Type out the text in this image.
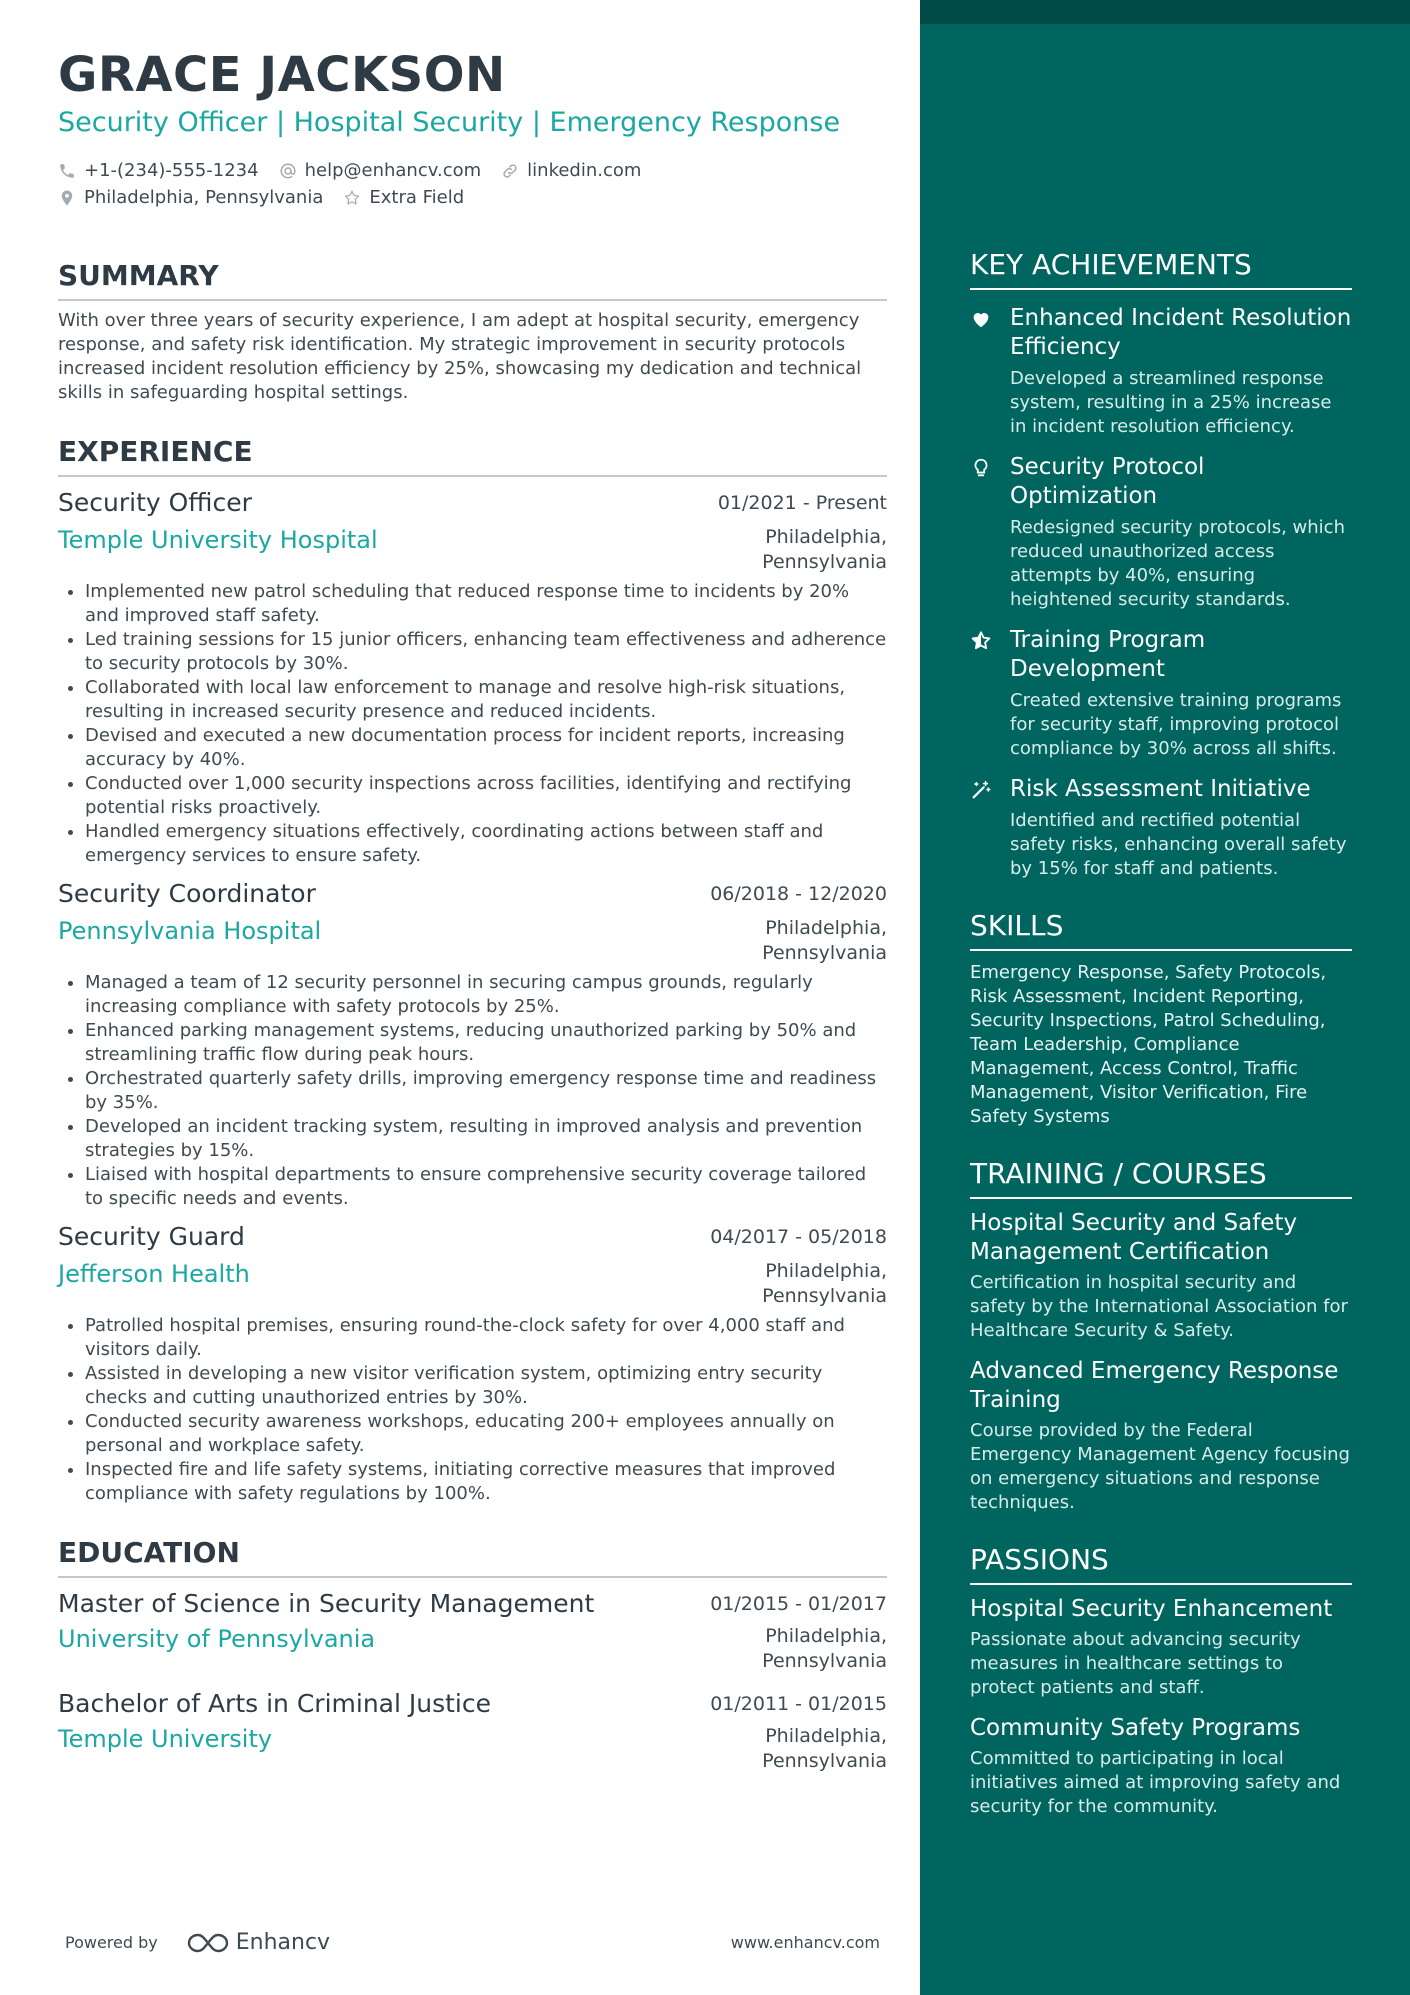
GRACE JACKSON
Security Officer | Hospital Security | Emergency Response
+1-(234)-555-1234	help@enhancv.com	linkedin.com
Philadelphia, Pennsylvania	Extra Field
SUMMARY
With over three years of security experience, I am adept at hospital security, emergency response, and safety risk identification. My strategic improvement in security protocols increased incident resolution efficiency by 25%, showcasing my dedication and technical skills in safeguarding hospital settings.
EXPERIENCE
Security Officer	01/2021 - Present
Temple University Hospital	Philadelphia, Pennsylvania
• Implemented new patrol scheduling that reduced response time to incidents by 20% and improved staff safety.
• Led training sessions for 15 junior officers, enhancing team effectiveness and adherence to security protocols by 30%.
• Collaborated with local law enforcement to manage and resolve high-risk situations, resulting in increased security presence and reduced incidents.
• Devised and executed a new documentation process for incident reports, increasing accuracy by 40%.
• Conducted over 1,000 security inspections across facilities, identifying and rectifying potential risks proactively.
• Handled emergency situations effectively, coordinating actions between staff and emergency services to ensure safety.
Security Coordinator	06/2018 - 12/2020
Pennsylvania Hospital	Philadelphia, Pennsylvania
• Managed a team of 12 security personnel in securing campus grounds, regularly increasing compliance with safety protocols by 25%.
• Enhanced parking management systems, reducing unauthorized parking by 50% and streamlining traffic flow during peak hours.
• Orchestrated quarterly safety drills, improving emergency response time and readiness by 35%.
• Developed an incident tracking system, resulting in improved analysis and prevention strategies by 15%.
• Liaised with hospital departments to ensure comprehensive security coverage tailored to specific needs and events.
Security Guard	04/2017 - 05/2018
Jefferson Health	Philadelphia, Pennsylvania
• Patrolled hospital premises, ensuring round-the-clock safety for over 4,000 staff and visitors daily.
• Assisted in developing a new visitor verification system, optimizing entry security checks and cutting unauthorized entries by 30%.
• Conducted security awareness workshops, educating 200+ employees annually on personal and workplace safety.
• Inspected fire and life safety systems, initiating corrective measures that improved compliance with safety regulations by 100%.
EDUCATION
Master of Science in Security Management	01/2015 - 01/2017
University of Pennsylvania	Philadelphia, Pennsylvania
Bachelor of Arts in Criminal Justice	01/2011 - 01/2015
Temple University	Philadelphia, Pennsylvania
KEY ACHIEVEMENTS
Enhanced Incident Resolution Efficiency
Developed a streamlined response system, resulting in a 25% increase in incident resolution efficiency.
Security Protocol Optimization
Redesigned security protocols, which reduced unauthorized access attempts by 40%, ensuring heightened security standards.
Training Program Development
Created extensive training programs for security staff, improving protocol compliance by 30% across all shifts.
Risk Assessment Initiative
Identified and rectified potential safety risks, enhancing overall safety by 15% for staff and patients.
SKILLS
Emergency Response, Safety Protocols, Risk Assessment, Incident Reporting, Security Inspections, Patrol Scheduling, Team Leadership, Compliance Management, Access Control, Traffic Management, Visitor Verification, Fire Safety Systems
TRAINING / COURSES
Hospital Security and Safety Management Certification
Certification in hospital security and safety by the International Association for Healthcare Security & Safety.
Advanced Emergency Response Training
Course provided by the Federal Emergency Management Agency focusing on emergency situations and response techniques.
PASSIONS
Hospital Security Enhancement
Passionate about advancing security measures in healthcare settings to protect patients and staff.
Community Safety Programs
Committed to participating in local initiatives aimed at improving safety and security for the community.
Powered by	Enhancv	www.enhancv.com
